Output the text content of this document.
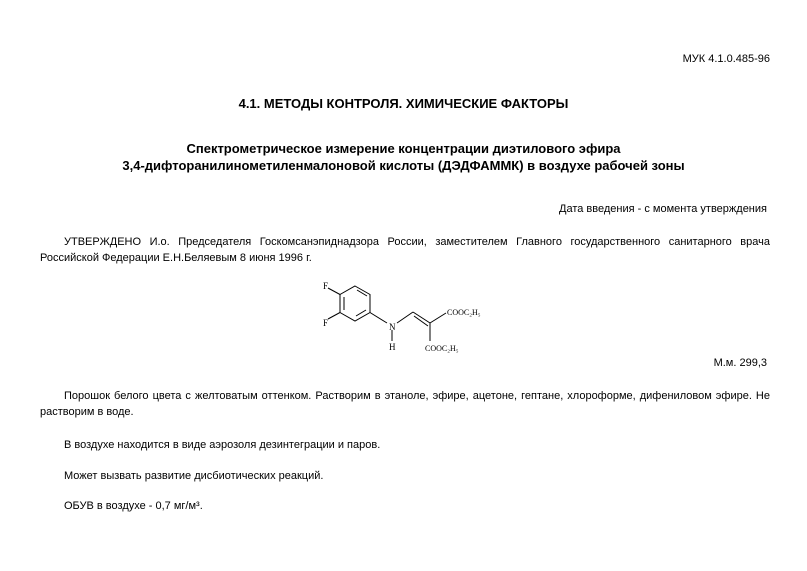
МУК 4.1.0.485-96
4.1. МЕТОДЫ КОНТРОЛЯ. ХИМИЧЕСКИЕ ФАКТОРЫ
Спектрометрическое измерение концентрации диэтилового эфира
3,4-дифторанилинометиленмалоновой кислоты (ДЭДФАММК) в воздухе рабочей зоны
Дата введения - с момента утверждения
УТВЕРЖДЕНО И.о. Председателя Госкомсанэпиднадзора России, заместителем Главного государственного санитарного врача Российской Федерации Е.Н.Беляевым 8 июня 1996 г.
F
F	N
H
COOC₂H₅
COOC₂H₅
М.м. 299,3
Порошок белого цвета с желтоватым оттенком. Растворим в этаноле, эфире, ацетоне, гептане, хлороформе, дифениловом эфире. Не растворим в воде.
В воздухе находится в виде аэрозоля дезинтеграции и паров.
Может вызвать развитие дисбиотических реакций.
ОБУВ в воздухе - 0,7 мг/м³.
